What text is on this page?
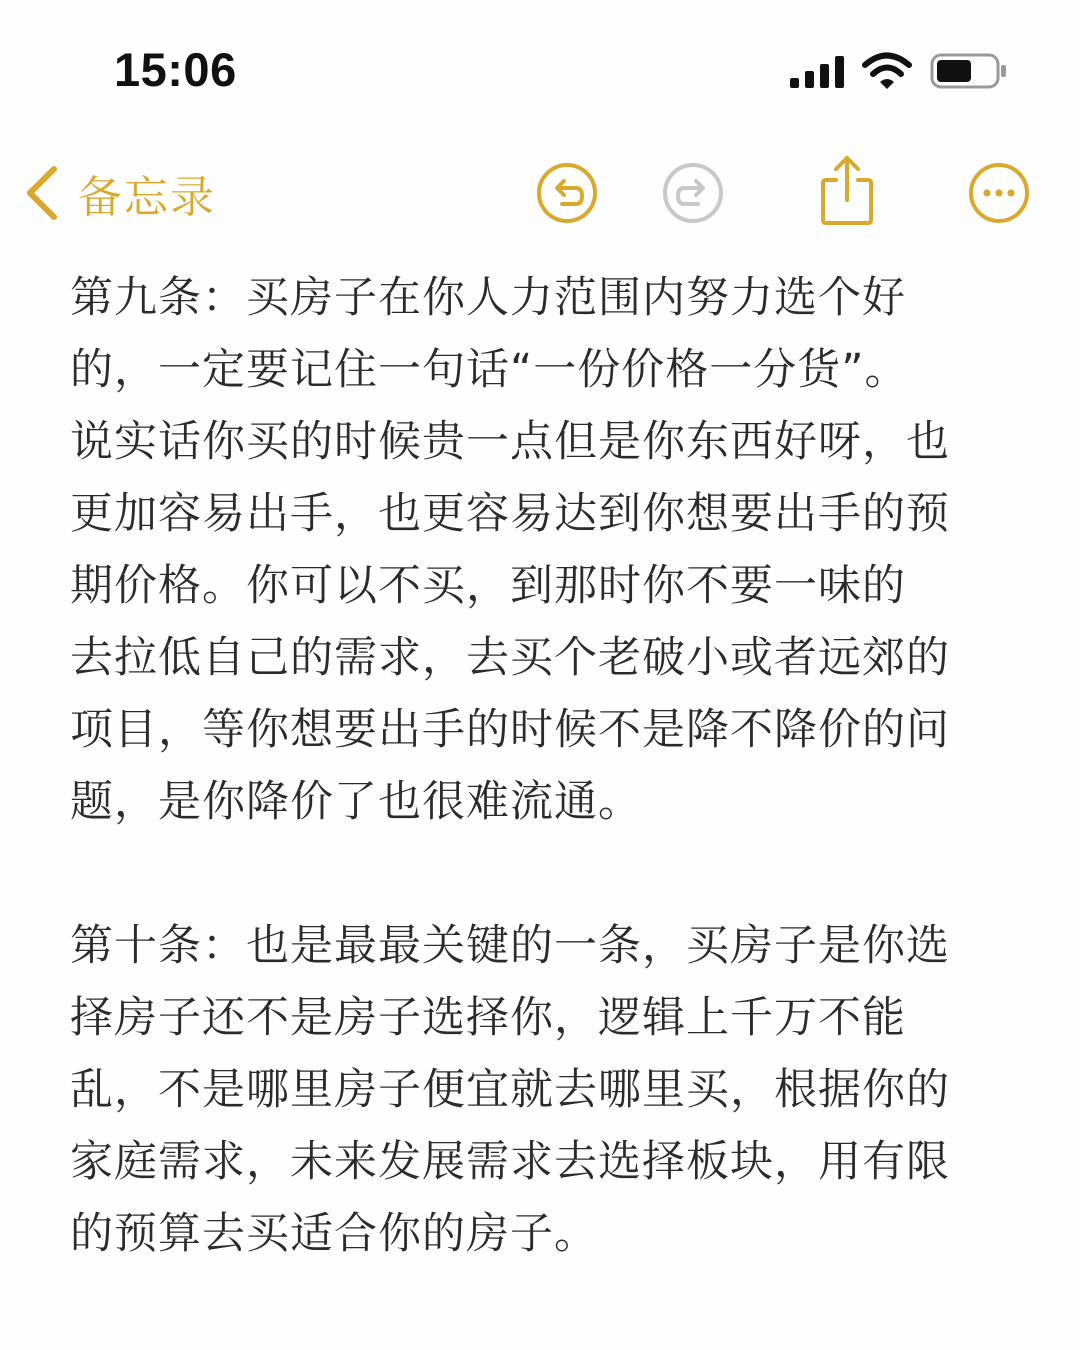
15:06
备忘录

第九条：买房子在你人力范围内努力选个好
的，一定要记住一句话“一份价格一分货”。
说实话你买的时候贵一点但是你东西好呀，也
更加容易出手，也更容易达到你想要出手的预
期价格。你可以不买，到那时你不要一味的
去拉低自己的需求，去买个老破小或者远郊的
项目，等你想要出手的时候不是降不降价的问
题，是你降价了也很难流通。

第十条：也是最最关键的一条，买房子是你选
择房子还不是房子选择你，逻辑上千万不能
乱，不是哪里房子便宜就去哪里买，根据你的
家庭需求，未来发展需求去选择板块，用有限
的预算去买适合你的房子。
